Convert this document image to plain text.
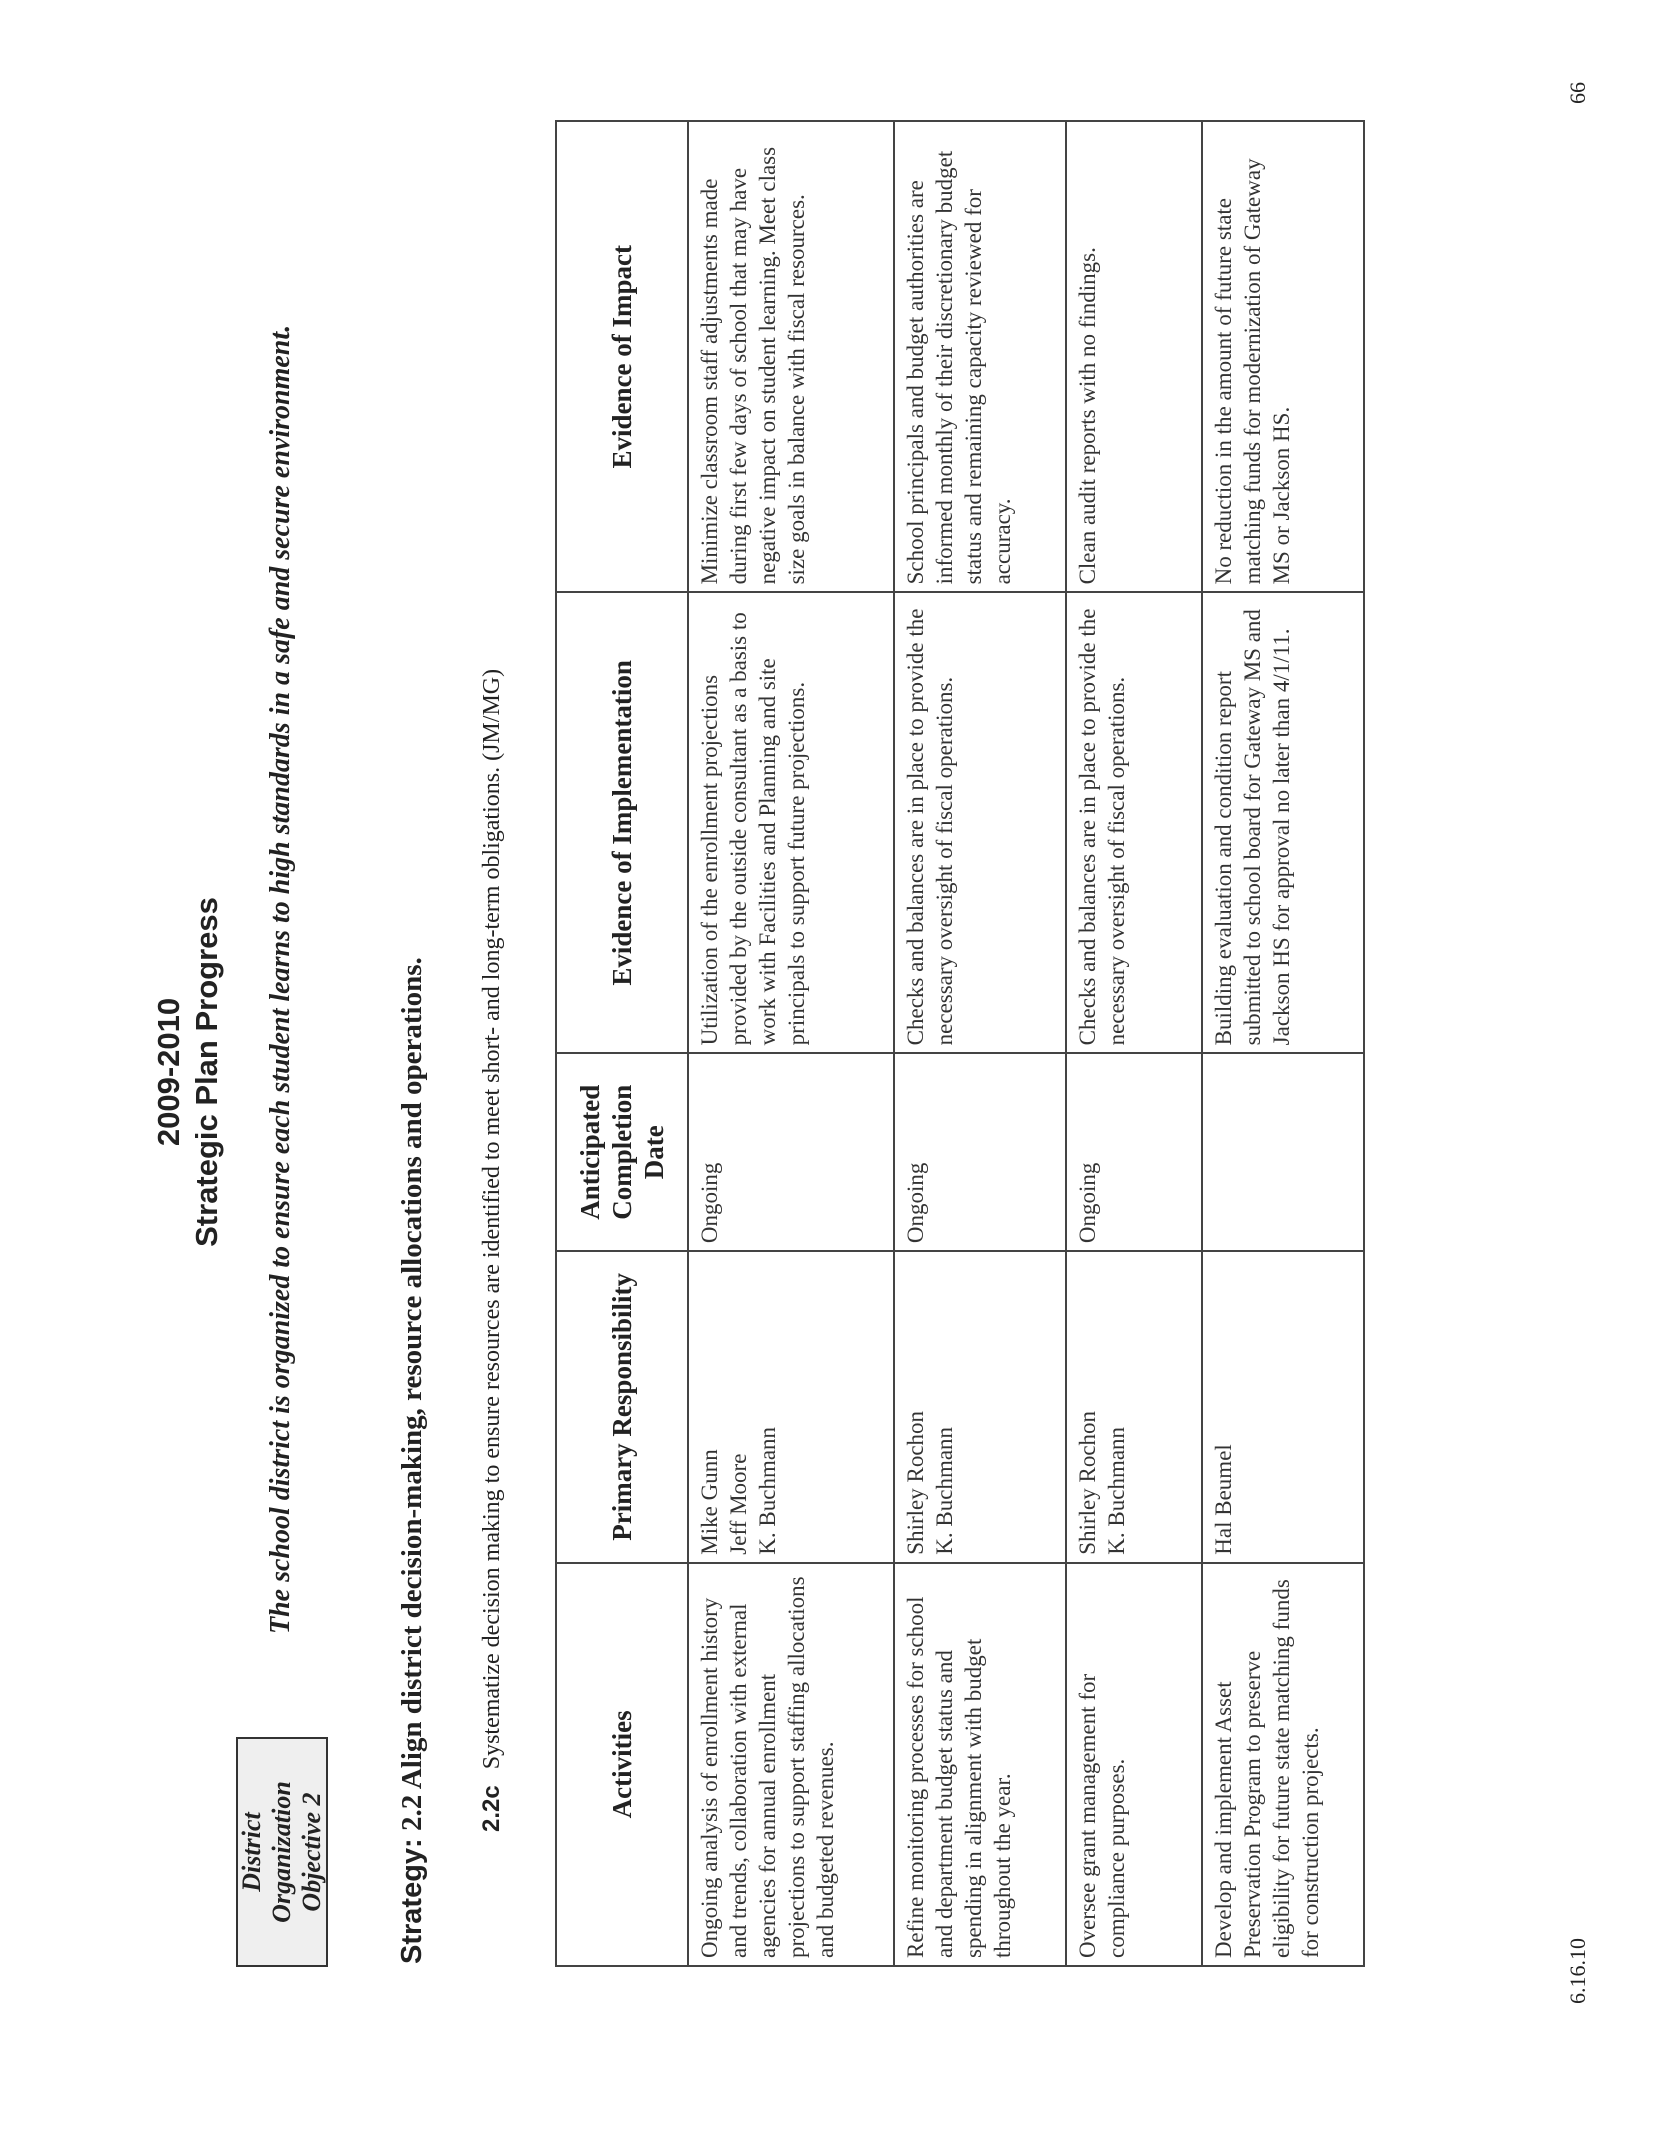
2009-2010 Strategic Plan Progress
District Organization Objective 2
The school district is organized to ensure each student learns to high standards in a safe and secure environment.
Strategy: 2.2 Align district decision-making, resource allocations and operations. 2.2c Systematize decision making to ensure resources are identified to meet short- and long-term obligations. (JM/MG)	Activities	Primary Responsibility	Anticipated Completion Date	Evidence of Implementation	Evidence of Impact
Ongoing analysis of enrollment history and trends, collaboration with external agencies for annual enrollment projections to support staffing allocations and budgeted revenues.	Mike Gunn Jeff Moore K. Buchmann	Ongoing	Utilization of the enrollment projections provided by the outside consultant as a basis to work with Facilities and Planning and site principals to support future projections.	Minimize classroom staff adjustments made during first few days of school that may have negative impact on student learning. Meet class size goals in balance with fiscal resources.
Refine monitoring processes for school and department budget status and spending in alignment with budget throughout the year.	Shirley Rochon K. Buchmann	Ongoing	Checks and balances are in place to provide the necessary oversight of fiscal operations.	School principals and budget authorities are informed monthly of their discretionary budget status and remaining capacity reviewed for accuracy.
Oversee grant management for compliance purposes.	Shirley Rochon K. Buchmann	Ongoing	Checks and balances are in place to provide the necessary oversight of fiscal operations.	Clean audit reports with no findings.
Develop and implement Asset Preservation Program to preserve eligibility for future state matching funds for construction projects.	Hal Beumel		Building evaluation and condition report submitted to school board for Gateway MS and Jackson HS for approval no later than 4/1/11.	No reduction in the amount of future state matching funds for modernization of Gateway MS or Jackson HS.
6.16.10
66
